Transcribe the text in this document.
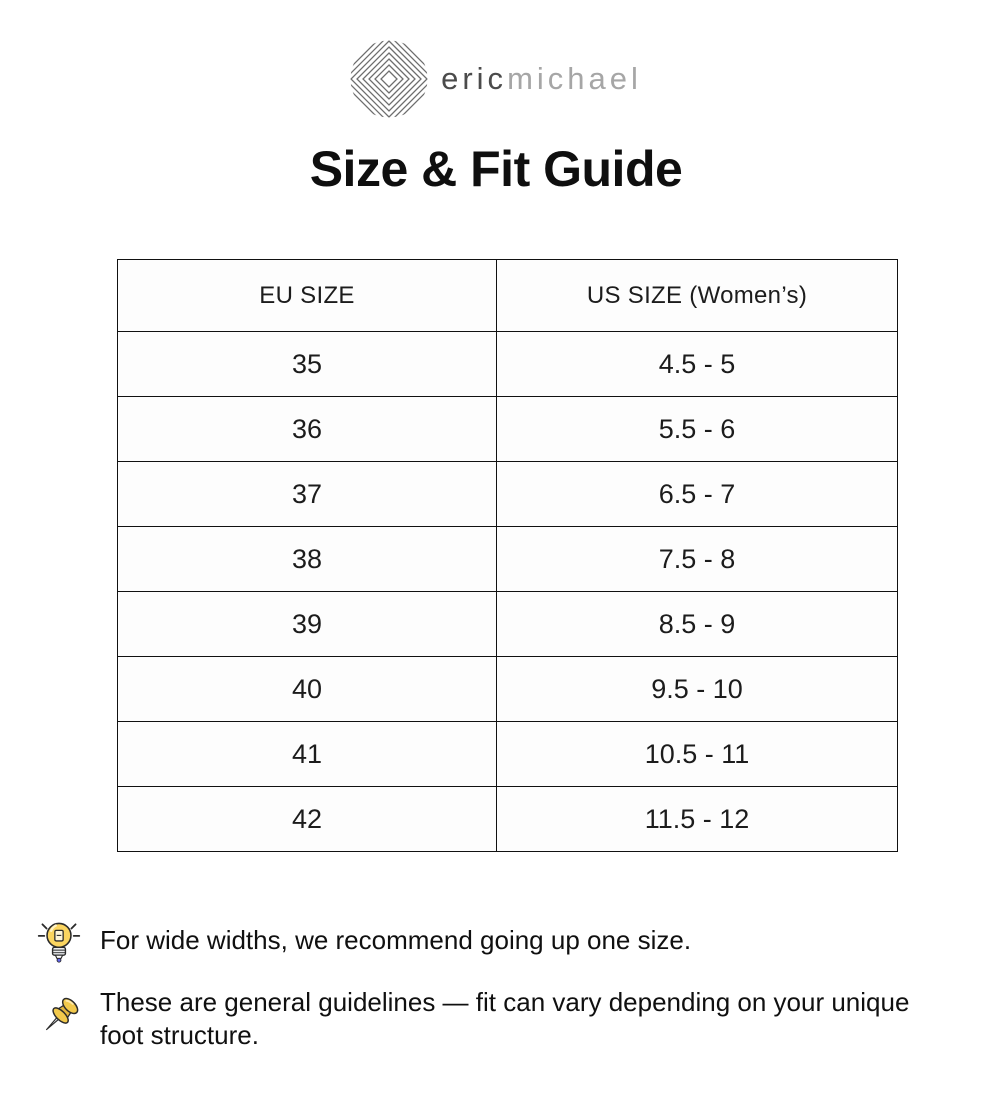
ericmichael
Size & Fit Guide
EU SIZE	US SIZE (Women’s)
35	4.5 - 5
36	5.5 - 6
37	6.5 - 7
38	7.5 - 8
39	8.5 - 9
40	9.5 - 10
41	10.5 - 11
42	11.5 - 12

For wide widths, we recommend going up one size.

These are general guidelines — fit can vary depending on your unique

foot structure.
